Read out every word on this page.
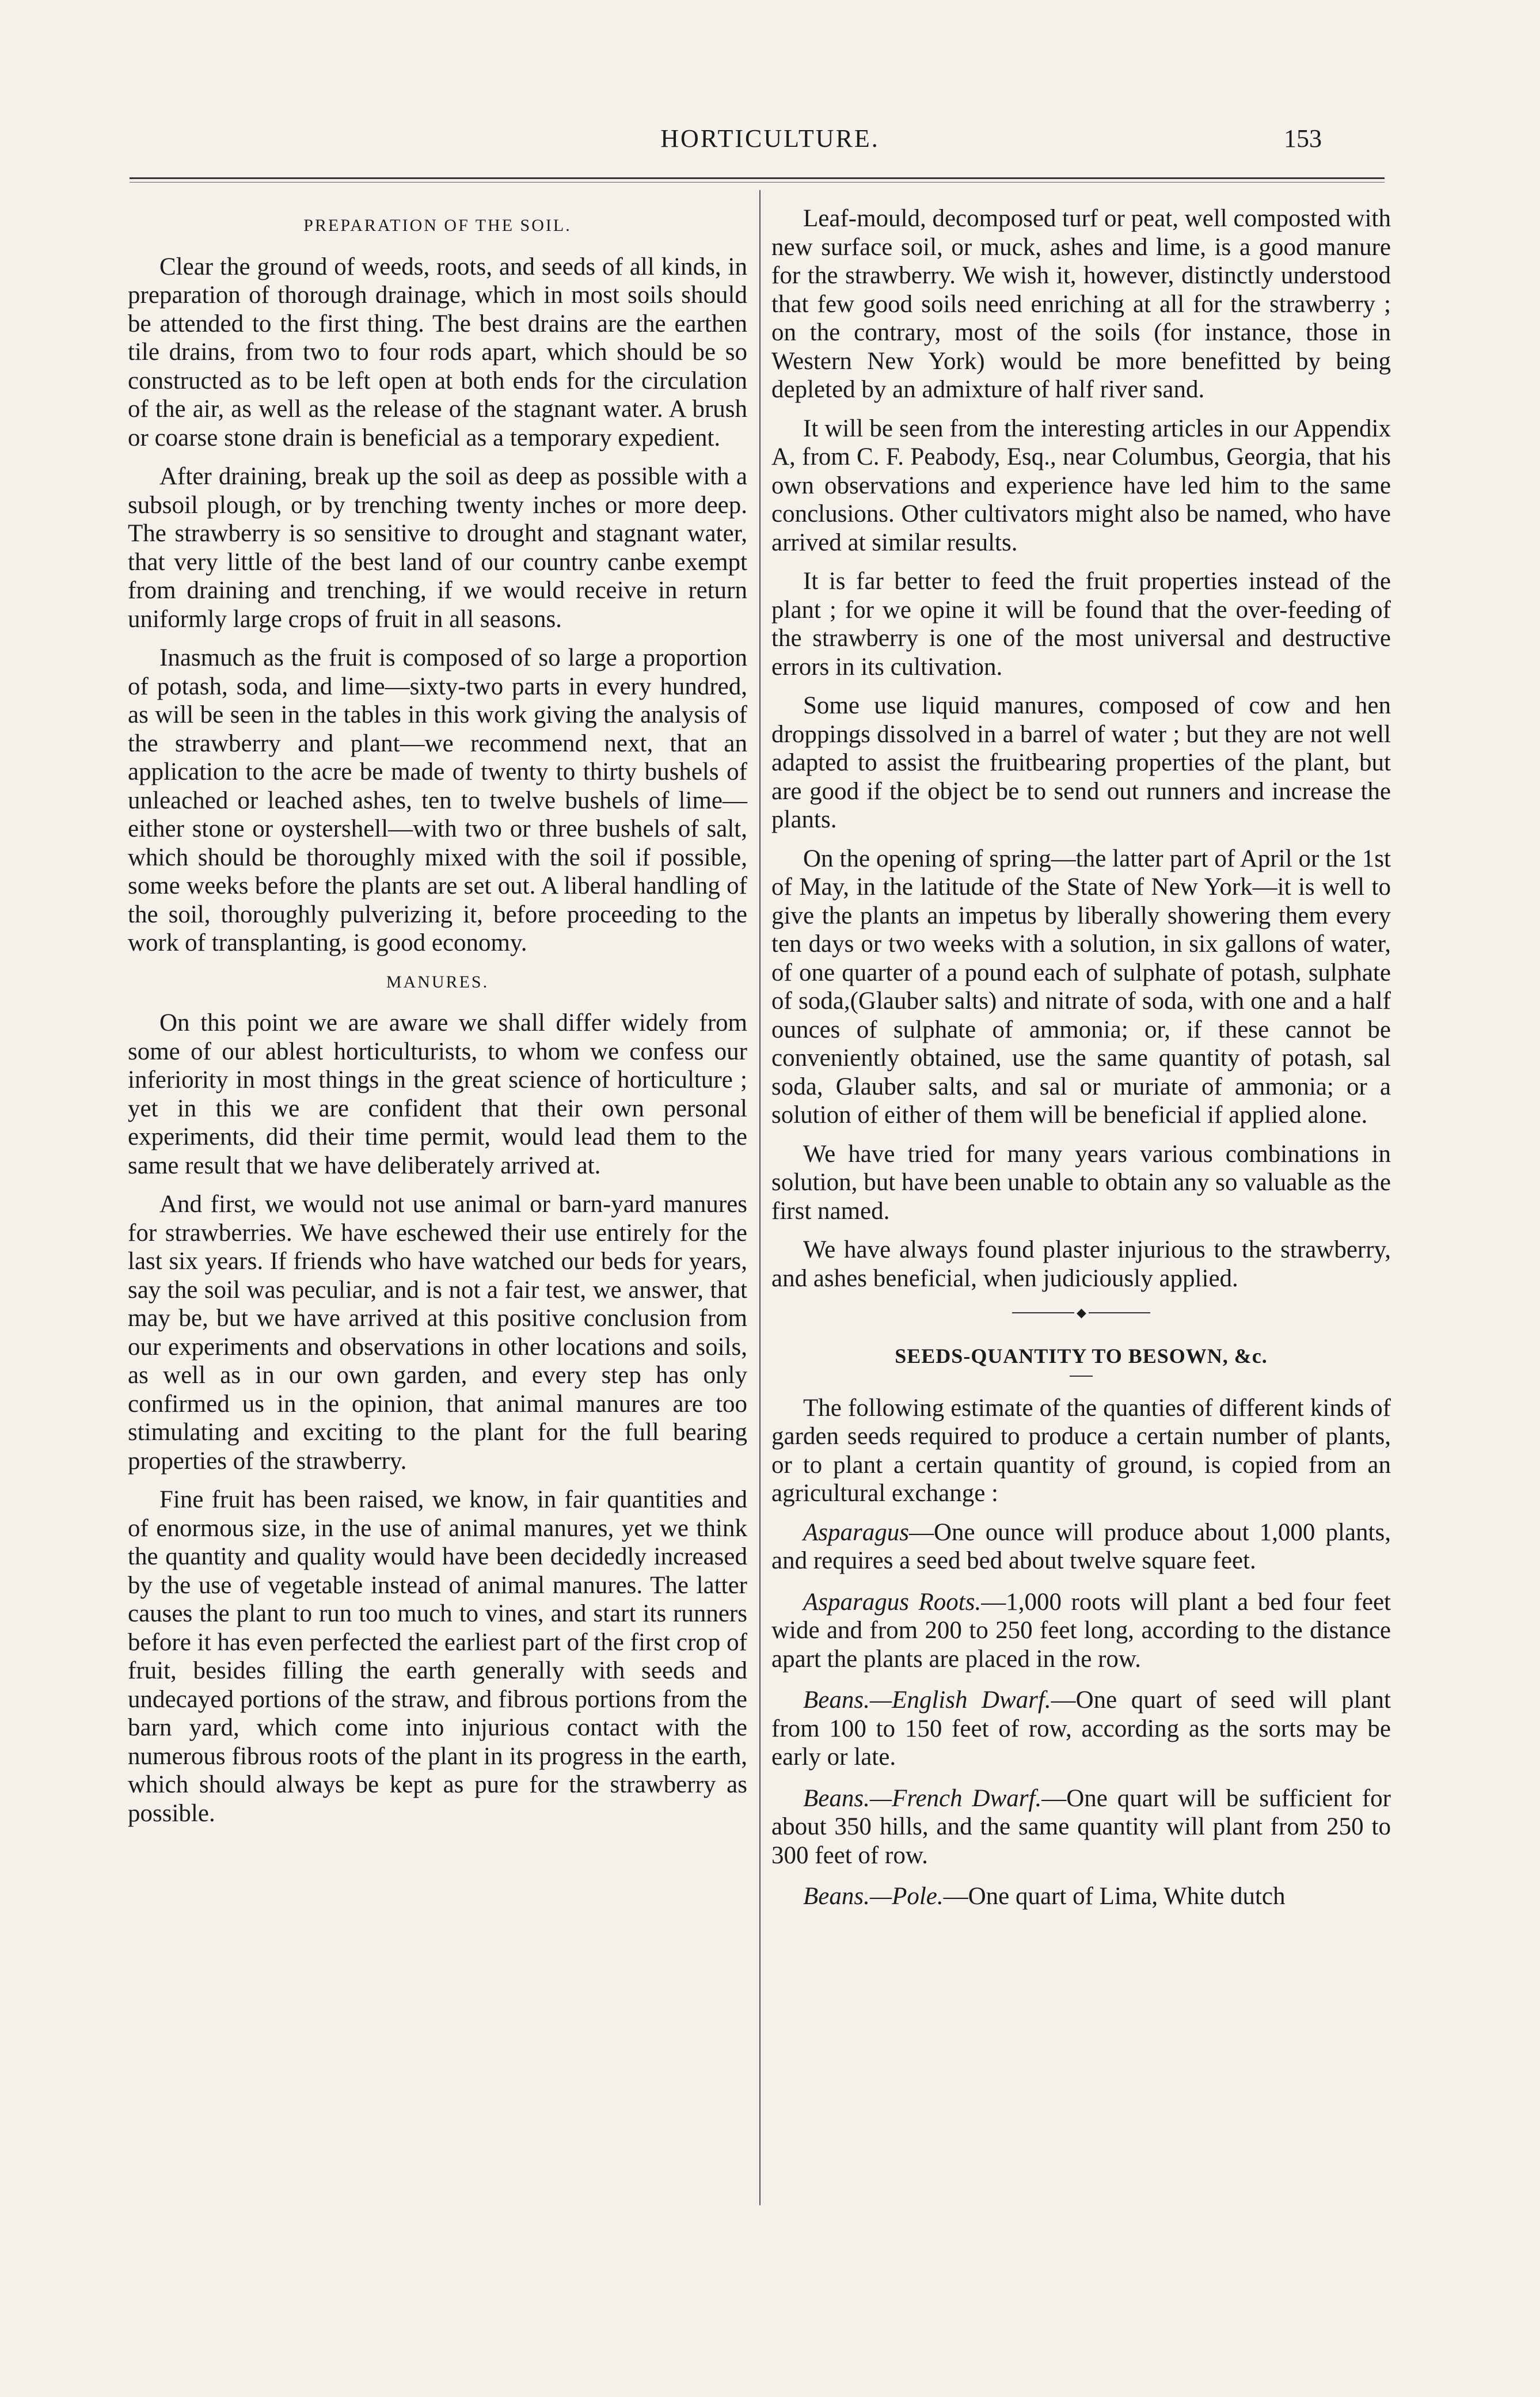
HORTICULTURE.	153
PREPARATION OF THE SOIL.

Clear the ground of weeds, roots, and seeds of all kinds, in preparation of thorough drainage, which in most soils should be attended to the first thing. The best drains are the earthen tile drains, from two to four rods apart, which should be so constructed as to be left open at both ends for the circulation of the air, as well as the release of the stagnant water. A brush or coarse stone drain is beneficial as a temporary expedient.

After draining, break up the soil as deep as possible with a subsoil plough, or by trenching twenty inches or more deep. The strawberry is so sensitive to drought and stagnant water, that very little of the best land of our country canbe exempt from draining and trenching, if we would receive in return uniformly large crops of fruit in all seasons.

Inasmuch as the fruit is composed of so large a proportion of potash, soda, and lime—sixty-two parts in every hundred, as will be seen in the tables in this work giving the analysis of the strawberry and plant—we recommend next, that an application to the acre be made of twenty to thirty bushels of unleached or leached ashes, ten to twelve bushels of lime—either stone or oystershell—with two or three bushels of salt, which should be thoroughly mixed with the soil if possible, some weeks before the plants are set out. A liberal handling of the soil, thoroughly pulverizing it, before proceeding to the work of transplanting, is good economy.

MANURES.

On this point we are aware we shall differ widely from some of our ablest horticulturists, to whom we confess our inferiority in most things in the great science of horticulture ; yet in this we are confident that their own personal experiments, did their time permit, would lead them to the same result that we have deliberately arrived at.

And first, we would not use animal or barn-yard manures for strawberries. We have eschewed their use entirely for the last six years. If friends who have watched our beds for years, say the soil was peculiar, and is not a fair test, we answer, that may be, but we have arrived at this positive conclusion from our experiments and observations in other locations and soils, as well as in our own garden, and every step has only confirmed us in the opinion, that animal manures are too stimulating and exciting to the plant for the full bearing properties of the strawberry.

Fine fruit has been raised, we know, in fair quantities and of enormous size, in the use of animal manures, yet we think the quantity and quality would have been decidedly increased by the use of vegetable instead of animal manures. The latter causes the plant to run too much to vines, and start its runners before it has even perfected the earliest part of the first crop of fruit, besides filling the earth generally with seeds and undecayed portions of the straw, and fibrous portions from the barn yard, which come into injurious contact with the numerous fibrous roots of the plant in its progress in the earth, which should always be kept as pure for the strawberry as possible.

Leaf-mould, decomposed turf or peat, well composted with new surface soil, or muck, ashes and lime, is a good manure for the strawberry. We wish it, however, distinctly understood that few good soils need enriching at all for the strawberry ; on the contrary, most of the soils (for instance, those in Western New York) would be more benefitted by being depleted by an admixture of half river sand.

It will be seen from the interesting articles in our Appendix A, from C. F. Peabody, Esq., near Columbus, Georgia, that his own observations and experience have led him to the same conclusions. Other cultivators might also be named, who have arrived at similar results.

It is far better to feed the fruit properties instead of the plant ; for we opine it will be found that the over-feeding of the strawberry is one of the most universal and destructive errors in its cultivation.

Some use liquid manures, composed of cow and hen droppings dissolved in a barrel of water ; but they are not well adapted to assist the fruitbearing properties of the plant, but are good if the object be to send out runners and increase the plants.

On the opening of spring—the latter part of April or the 1st of May, in the latitude of the State of New York—it is well to give the plants an impetus by liberally showering them every ten days or two weeks with a solution, in six gallons of water, of one quarter of a pound each of sulphate of potash, sulphate of soda,(Glauber salts) and nitrate of soda, with one and a half ounces of sulphate of ammonia; or, if these cannot be conveniently obtained, use the same quantity of potash, sal soda, Glauber salts, and sal or muriate of ammonia; or a solution of either of them will be beneficial if applied alone.

We have tried for many years various combinations in solution, but have been unable to obtain any so valuable as the first named.

We have always found plaster injurious to the strawberry, and ashes beneficial, when judiciously applied.

◆
SEEDS-QUANTITY TO BESOWN, &c.

The following estimate of the quanties of different kinds of garden seeds required to produce a certain number of plants, or to plant a certain quantity of ground, is copied from an agricultural exchange :

Asparagus—One ounce will produce about 1,000 plants, and requires a seed bed about twelve square feet.

Asparagus Roots.—1,000 roots will plant a bed four feet wide and from 200 to 250 feet long, according to the distance apart the plants are placed in the row.

Beans.—English Dwarf.—One quart of seed will plant from 100 to 150 feet of row, according as the sorts may be early or late.

Beans.—French Dwarf.—One quart will be sufficient for about 350 hills, and the same quantity will plant from 250 to 300 feet of row.

Beans.—Pole.—One quart of Lima, White dutch
